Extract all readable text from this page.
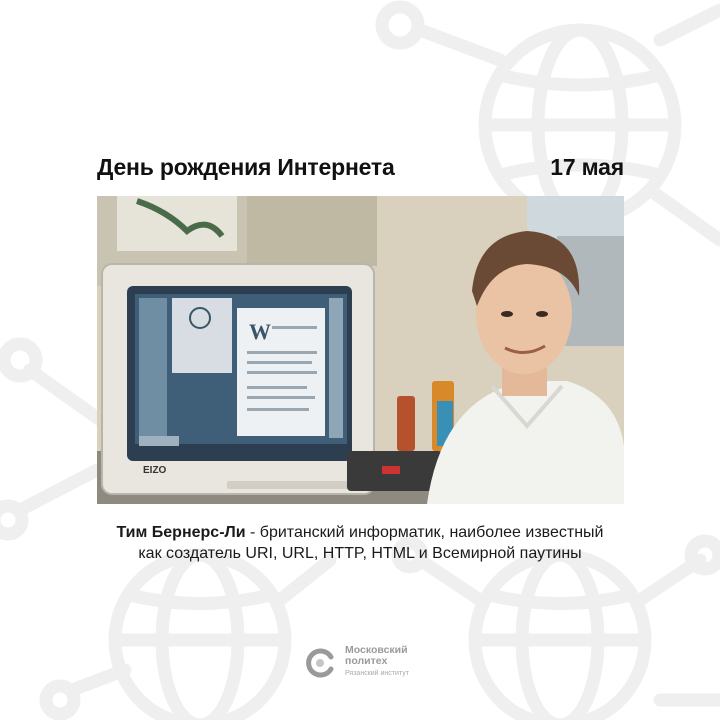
День рождения Интернета	17 мая
W
EIZO
Тим Бернерс-Ли - британский информатик, наиболее известный
как создатель URI, URL, HTTP, HTML и Всемирной паутины
Московский
политех
Рязанский институт
